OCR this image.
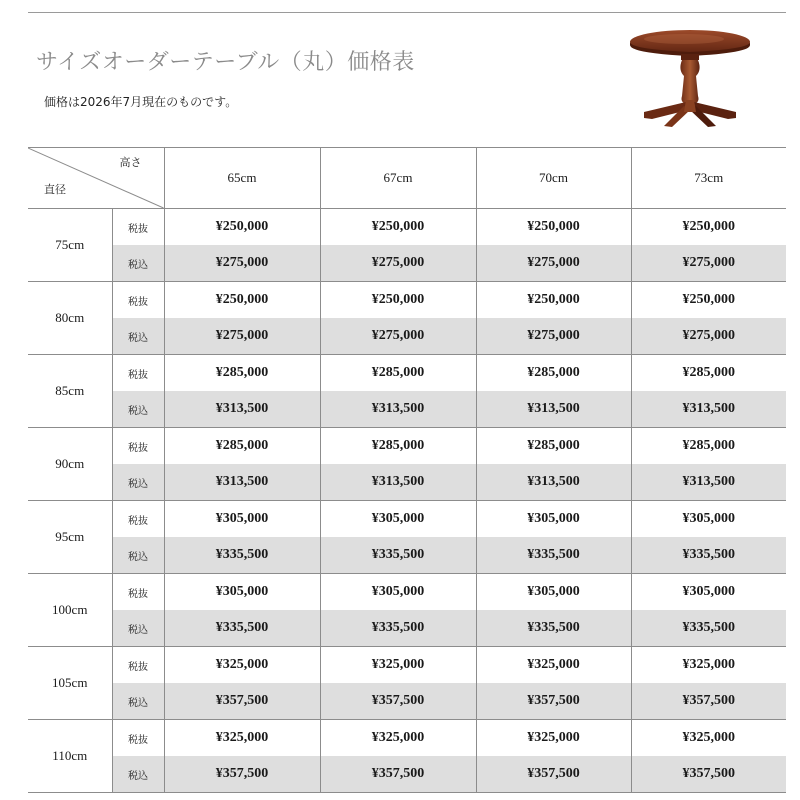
サイズオーダーテーブル（丸）価格表
価格は2026年7月現在のものです。
高さ
直径		65cm	67cm	70cm	73cm
75cm	税抜	¥250,000	¥250,000	¥250,000	¥250,000
	税込	¥275,000	¥275,000	¥275,000	¥275,000
80cm	税抜	¥250,000	¥250,000	¥250,000	¥250,000
	税込	¥275,000	¥275,000	¥275,000	¥275,000
85cm	税抜	¥285,000	¥285,000	¥285,000	¥285,000
	税込	¥313,500	¥313,500	¥313,500	¥313,500
90cm	税抜	¥285,000	¥285,000	¥285,000	¥285,000
	税込	¥313,500	¥313,500	¥313,500	¥313,500
95cm	税抜	¥305,000	¥305,000	¥305,000	¥305,000
	税込	¥335,500	¥335,500	¥335,500	¥335,500
100cm	税抜	¥305,000	¥305,000	¥305,000	¥305,000
	税込	¥335,500	¥335,500	¥335,500	¥335,500
105cm	税抜	¥325,000	¥325,000	¥325,000	¥325,000
	税込	¥357,500	¥357,500	¥357,500	¥357,500
110cm	税抜	¥325,000	¥325,000	¥325,000	¥325,000
	税込	¥357,500	¥357,500	¥357,500	¥357,500
